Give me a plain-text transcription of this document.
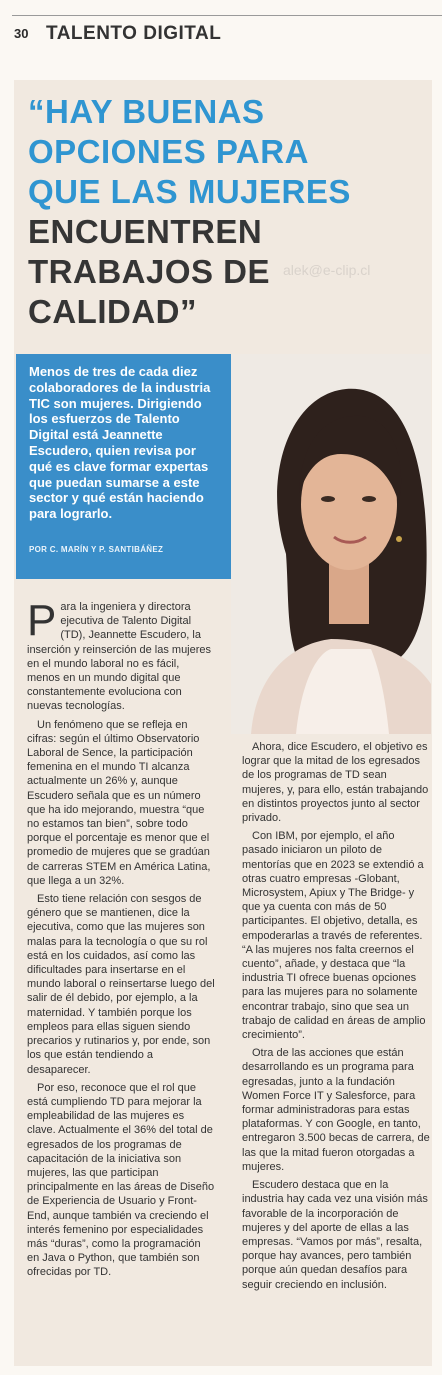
30 TALENTO DIGITAL
“HAY BUENAS
OPCIONES PARA
QUE LAS MUJERES
ENCUENTREN
TRABAJOS DE
CALIDAD”
alek@e-clip.cl

Menos de tres de cada diez colaboradores de la industria TIC son mujeres. Dirigiendo los esfuerzos de Talento Digital está Jeannette Escudero, quien revisa por qué es clave formar expertas que puedan sumarse a este sector y qué están haciendo para lograrlo.

POR C. MARÍN Y P. SANTIBÁÑEZ

Para la ingeniera y directora ejecutiva de Talento Digital (TD), Jeannette Escudero, la inserción y reinserción de las mujeres en el mundo laboral no es fácil, menos en un mundo digital que constantemente evoluciona con nuevas tecnologías.

Un fenómeno que se refleja en cifras: según el último Observatorio Laboral de Sence, la participación femenina en el mundo TI alcanza actualmente un 26% y, aunque Escudero señala que es un número que ha ido mejorando, muestra “que no estamos tan bien”, sobre todo porque el porcentaje es menor que el promedio de mujeres que se gradúan de carreras STEM en América Latina, que llega a un 32%.

Esto tiene relación con sesgos de género que se mantienen, dice la ejecutiva, como que las mujeres son malas para la tecnología o que su rol está en los cuidados, así como las dificultades para insertarse en el mundo laboral o reinsertarse luego del salir de él debido, por ejemplo, a la maternidad. Y también porque los empleos para ellas siguen siendo precarios y rutinarios y, por ende, son los que están tendiendo a desaparecer.

Por eso, reconoce que el rol que está cumpliendo TD para mejorar la empleabilidad de las mujeres es clave. Actualmente el 36% del total de egresados de los programas de capacitación de la iniciativa son mujeres, las que participan principalmente en las áreas de Diseño de Experiencia de Usuario y Front-End, aunque también va creciendo el interés femenino por especialidades más “duras”, como la programación en Java o Python, que también son ofrecidas por TD.

Ahora, dice Escudero, el objetivo es lograr que la mitad de los egresados de los programas de TD sean mujeres, y, para ello, están trabajando en distintos proyectos junto al sector privado.

Con IBM, por ejemplo, el año pasado iniciaron un piloto de mentorías que en 2023 se extendió a otras cuatro empresas -Globant, Microsystem, Apiux y The Bridge- y que ya cuenta con más de 50 participantes. El objetivo, detalla, es empoderarlas a través de referentes. “A las mujeres nos falta creernos el cuento”, añade, y destaca que “la industria TI ofrece buenas opciones para las mujeres para no solamente encontrar trabajo, sino que sea un trabajo de calidad en áreas de amplio crecimiento”.

Otra de las acciones que están desarrollando es un programa para egresadas, junto a la fundación Women Force IT y Salesforce, para formar administradoras para estas plataformas. Y con Google, en tanto, entregaron 3.500 becas de carrera, de las que la mitad fueron otorgadas a mujeres.

Escudero destaca que en la industria hay cada vez una visión más favorable de la incorporación de mujeres y del aporte de ellas a las empresas. “Vamos por más”, resalta, porque hay avances, pero también porque aún quedan desafíos para seguir creciendo en inclusión.
